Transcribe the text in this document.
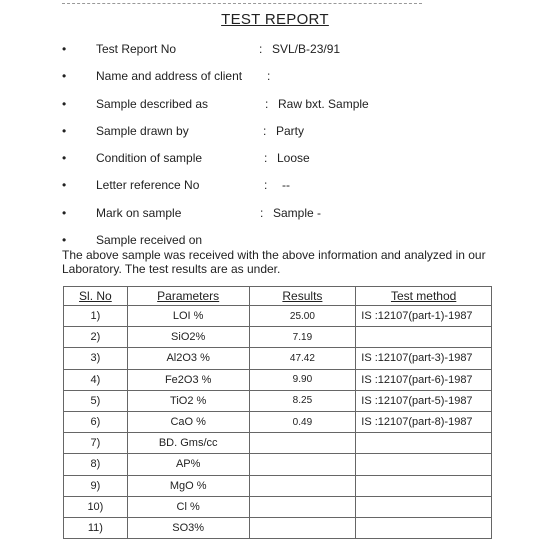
TEST REPORT
• Test Report No	: SVL/B-23/91
• Name and address of client :
• Sample described as	: Raw bxt. Sample
• Sample drawn by	: Party
• Condition of sample	: Loose
• Letter reference No	: --
• Mark on sample	: Sample -
• Sample received on
The above sample was received with the above information and analyzed in our
Laboratory. The test results are as under.
Sl. No	Parameters	Results	Test method
1)	LOI %	25.00	IS :12107(part-1)-1987
2)	SiO2%	7.19	
3)	Al2O3 %	47.42	IS :12107(part-3)-1987
4)	Fe2O3 %	9.90	IS :12107(part-6)-1987
5)	TiO2 %	8.25	IS :12107(part-5)-1987
6)	CaO %	0.49	IS :12107(part-8)-1987
7)	BD. Gms/cc		
8)	AP%		
9)	MgO %		
10)	Cl %		
11)	SO3%		
